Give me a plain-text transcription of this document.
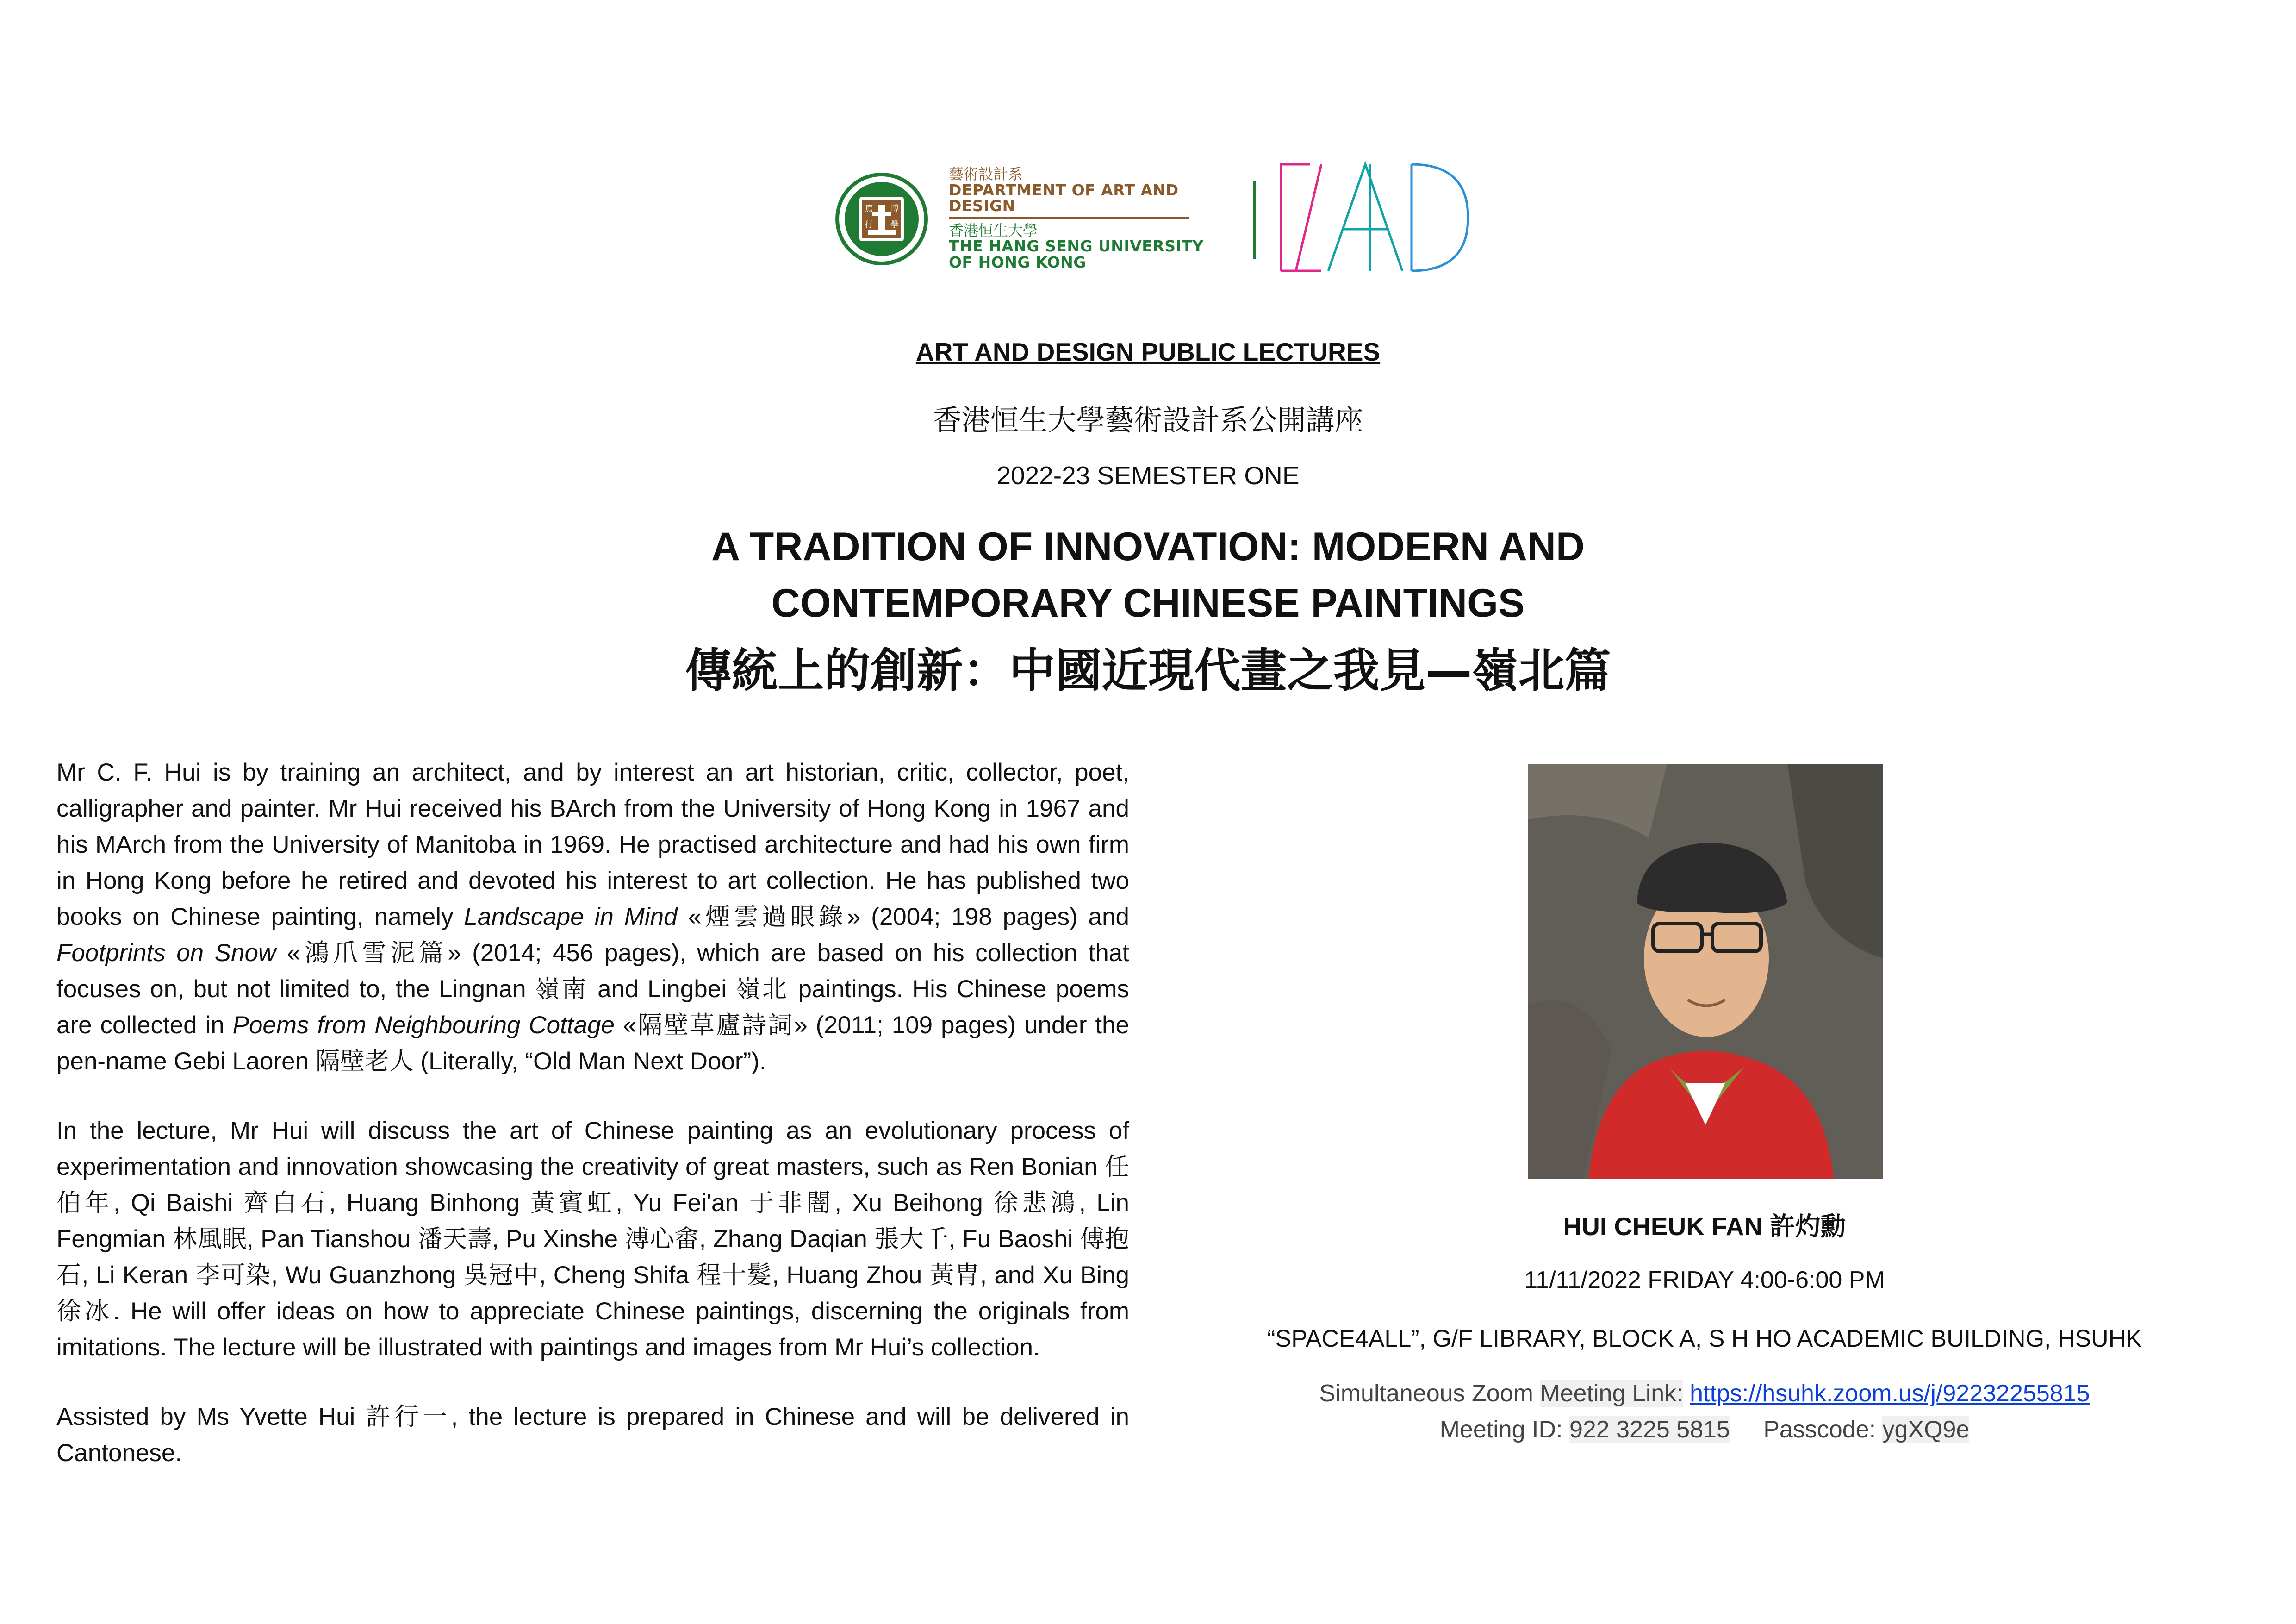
篤 博
行 學
藝術設計系
DEPARTMENT OF ART AND DESIGN
香港恒生大學
THE HANG SENG UNIVERSITY
OF HONG KONG
ART AND DESIGN PUBLIC LECTURES
香港恒生大學藝術設計系公開講座
2022-23 SEMESTER ONE
A TRADITION OF INNOVATION: MODERN AND
CONTEMPORARY CHINESE PAINTINGS
傳統上的創新：中國近現代畫之我見—嶺北篇

Mr C. F. Hui is by training an architect, and by interest an art historian, critic, collector, poet, calligrapher and painter. Mr Hui received his BArch from the University of Hong Kong in 1967 and his MArch from the University of Manitoba in 1969. He practised architecture and had his own firm in Hong Kong before he retired and devoted his interest to art collection. He has published two books on Chinese painting, namely Landscape in Mind «煙雲過眼錄» (2004; 198 pages) and Footprints on Snow «鴻爪雪泥篇» (2014; 456 pages), which are based on his collection that focuses on, but not limited to, the Lingnan 嶺南 and Lingbei 嶺北 paintings. His Chinese poems are collected in Poems from Neighbouring Cottage «隔壁草廬詩詞» (2011; 109 pages) under the pen-name Gebi Laoren 隔壁老人 (Literally, “Old Man Next Door”).

In the lecture, Mr Hui will discuss the art of Chinese painting as an evolutionary process of experimentation and innovation showcasing the creativity of great masters, such as Ren Bonian 任伯年, Qi Baishi 齊白石, Huang Binhong 黃賓虹, Yu Fei'an 于非闇, Xu Beihong 徐悲鴻, Lin Fengmian 林風眠, Pan Tianshou 潘天壽, Pu Xinshe 溥心畬, Zhang Daqian 張大千, Fu Baoshi 傅抱石, Li Keran 李可染, Wu Guanzhong 吳冠中, Cheng Shifa 程十髮, Huang Zhou 黃胄, and Xu Bing 徐冰. He will offer ideas on how to appreciate Chinese paintings, discerning the originals from imitations. The lecture will be illustrated with paintings and images from Mr Hui’s collection.

Assisted by Ms Yvette Hui 許行一, the lecture is prepared in Chinese and will be delivered in Cantonese.

HUI CHEUK FAN 許灼勳
11/11/2022 FRIDAY 4:00-6:00 PM
“SPACE4ALL”, G/F LIBRARY, BLOCK A, S H HO ACADEMIC BUILDING, HSUHK
Simultaneous Zoom Meeting Link: https://hsuhk.zoom.us/j/92232255815
Meeting ID: 922 3225 5815 Passcode: ygXQ9e
